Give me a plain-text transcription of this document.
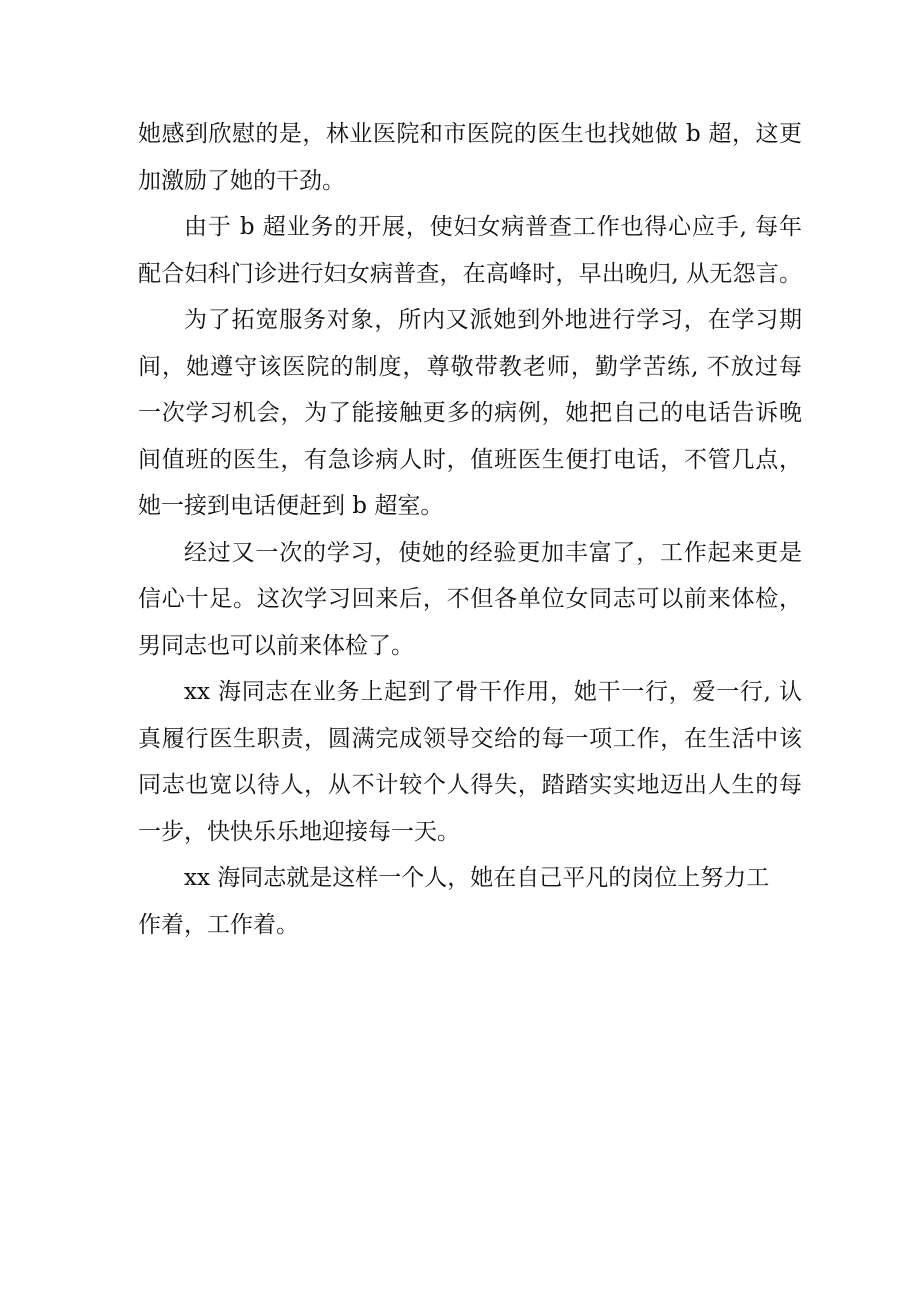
她感到欣慰的是，林业医院和市医院的医生也找她做 b 超，这更
加激励了她的干劲。

由于 b 超业务的开展，使妇女病普查工作也得心应手, 每年
配合妇科门诊进行妇女病普查，在高峰时，早出晚归, 从无怨言。

为了拓宽服务对象，所内又派她到外地进行学习，在学习期
间，她遵守该医院的制度，尊敬带教老师，勤学苦练, 不放过每
一次学习机会，为了能接触更多的病例，她把自己的电话告诉晚
间值班的医生，有急诊病人时，值班医生便打电话，不管几点，
她一接到电话便赶到 b 超室。

经过又一次的学习，使她的经验更加丰富了，工作起来更是
信心十足。这次学习回来后，不但各单位女同志可以前来体检，
男同志也可以前来体检了。

xx 海同志在业务上起到了骨干作用，她干一行，爱一行, 认
真履行医生职责，圆满完成领导交给的每一项工作，在生活中该
同志也宽以待人，从不计较个人得失，踏踏实实地迈出人生的每
一步，快快乐乐地迎接每一天。

xx 海同志就是这样一个人，她在自己平凡的岗位上努力工
作着，工作着。
